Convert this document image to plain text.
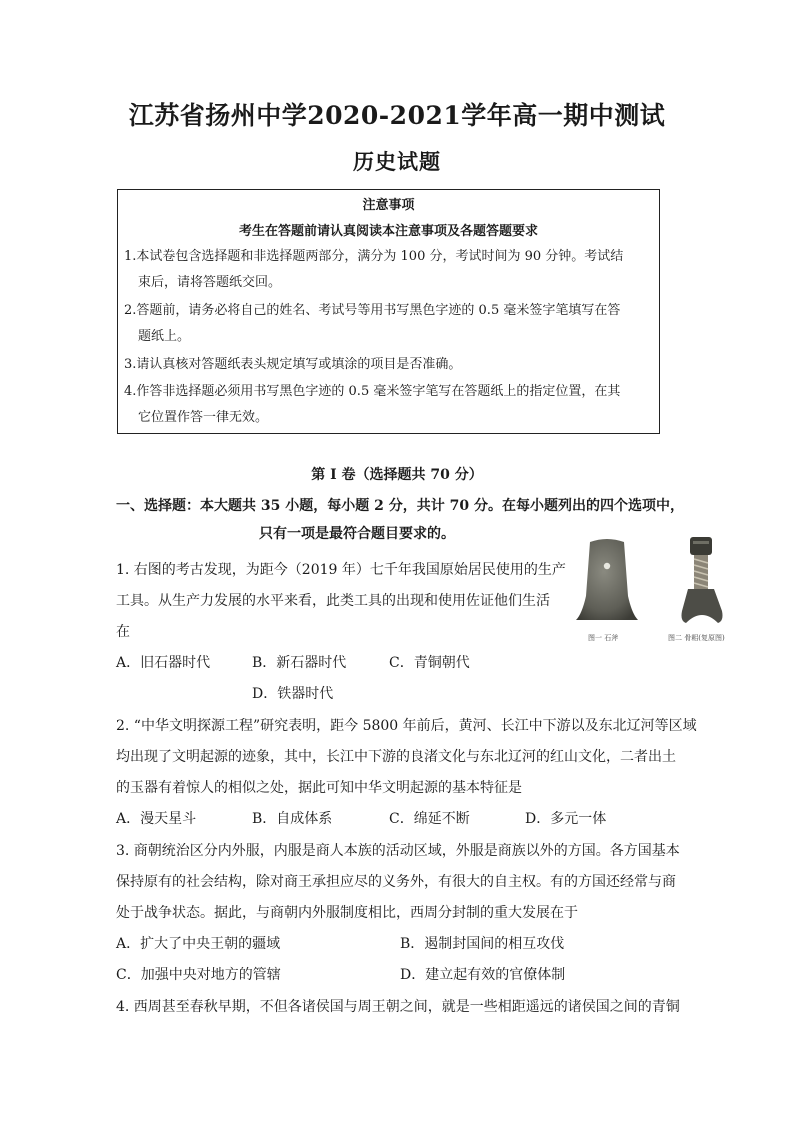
江苏省扬州中学2020-2021学年高一期中测试
历史试题
注意事项
考生在答题前请认真阅读本注意事项及各题答题要求
1.本试卷包含选择题和非选择题两部分，满分为 100 分，考试时间为 90 分钟。考试结
束后，请将答题纸交回。
2.答题前，请务必将自己的姓名、考试号等用书写黑色字迹的 0.5 毫米签字笔填写在答
题纸上。
3.请认真核对答题纸表头规定填写或填涂的项目是否准确。
4.作答非选择题必须用书写黑色字迹的 0.5 毫米签字笔写在答题纸上的指定位置，在其
它位置作答一律无效。
第 I 卷（选择题共 70 分）
一、选择题：本大题共 35 小题，每小题 2 分，共计 70 分。在每小题列出的四个选项中，
只有一项是最符合题目要求的。
图一 石斧	图二 骨耜(复原图)
1. 右图的考古发现，为距今（2019 年）七千年我国原始居民使用的生产
工具。从生产力发展的水平来看，此类工具的出现和使用佐证他们生活
在
A．旧石器时代	B．新石器时代	C．青铜朝代
D．铁器时代
2. “中华文明探源工程”研究表明，距今 5800 年前后，黄河、长江中下游以及东北辽河等区域
均出现了文明起源的迹象，其中，长江中下游的良渚文化与东北辽河的红山文化，二者出土
的玉器有着惊人的相似之处，据此可知中华文明起源的基本特征是
A．漫天星斗	B．自成体系	C．绵延不断	D．多元一体
3. 商朝统治区分内外服，内服是商人本族的活动区域，外服是商族以外的方国。各方国基本
保持原有的社会结构，除对商王承担应尽的义务外，有很大的自主权。有的方国还经常与商
处于战争状态。据此，与商朝内外服制度相比，西周分封制的重大发展在于
A．扩大了中央王朝的疆域	B．遏制封国间的相互攻伐
C．加强中央对地方的管辖	D．建立起有效的官僚体制
4. 西周甚至春秋早期，不但各诸侯国与周王朝之间，就是一些相距遥远的诸侯国之间的青铜
